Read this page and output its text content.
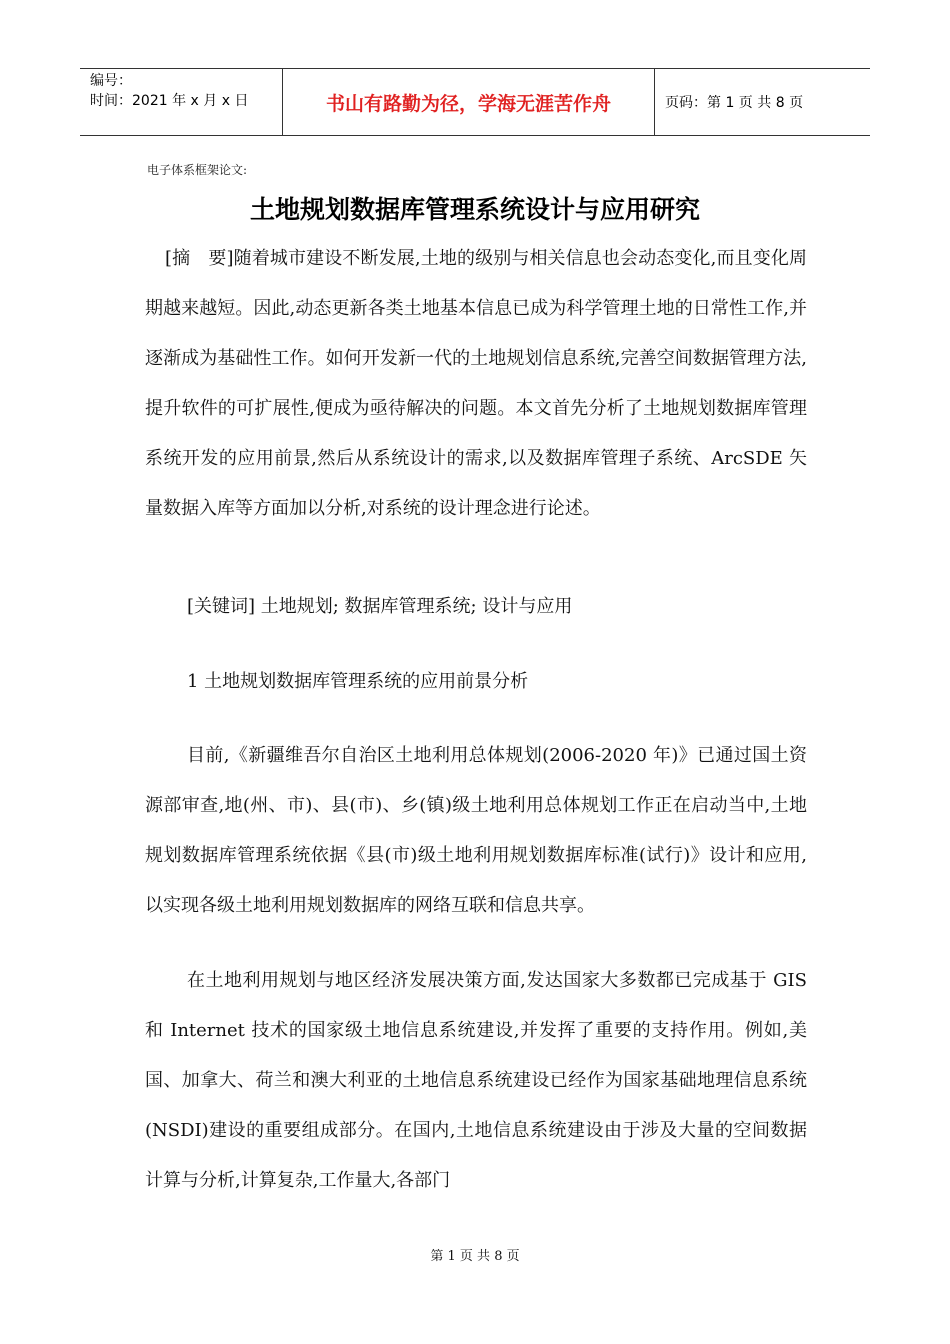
编号：
时间：2021 年 x 月 x 日	书山有路勤为径，学海无涯苦作舟	页码：第 1 页 共 8 页
电子体系框架论文:
土地规划数据库管理系统设计与应用研究

[摘　要]随着城市建设不断发展,土地的级别与相关信息也会动态变化,而且变化周期越来越短。因此,动态更新各类土地基本信息已成为科学管理土地的日常性工作,并逐渐成为基础性工作。如何开发新一代的土地规划信息系统,完善空间数据管理方法,提升软件的可扩展性,便成为亟待解决的问题。本文首先分析了土地规划数据库管理系统开发的应用前景,然后从系统设计的需求,以及数据库管理子系统、ArcSDE 矢量数据入库等方面加以分析,对系统的设计理念进行论述。

[关键词] 土地规划; 数据库管理系统; 设计与应用
1 土地规划数据库管理系统的应用前景分析

目前,《新疆维吾尔自治区土地利用总体规划(2006-2020 年)》已通过国土资源部审查,地(州、市)、县(市)、乡(镇)级土地利用总体规划工作正在启动当中,土地规划数据库管理系统依据《县(市)级土地利用规划数据库标准(试行)》设计和应用,以实现各级土地利用规划数据库的网络互联和信息共享。

在土地利用规划与地区经济发展决策方面,发达国家大多数都已完成基于 GIS 和 Internet 技术的国家级土地信息系统建设,并发挥了重要的支持作用。例如,美国、加拿大、荷兰和澳大利亚的土地信息系统建设已经作为国家基础地理信息系统(NSDI)建设的重要组成部分。在国内,土地信息系统建设由于涉及大量的空间数据计算与分析,计算复杂,工作量大,各部门

第 1 页 共 8 页
